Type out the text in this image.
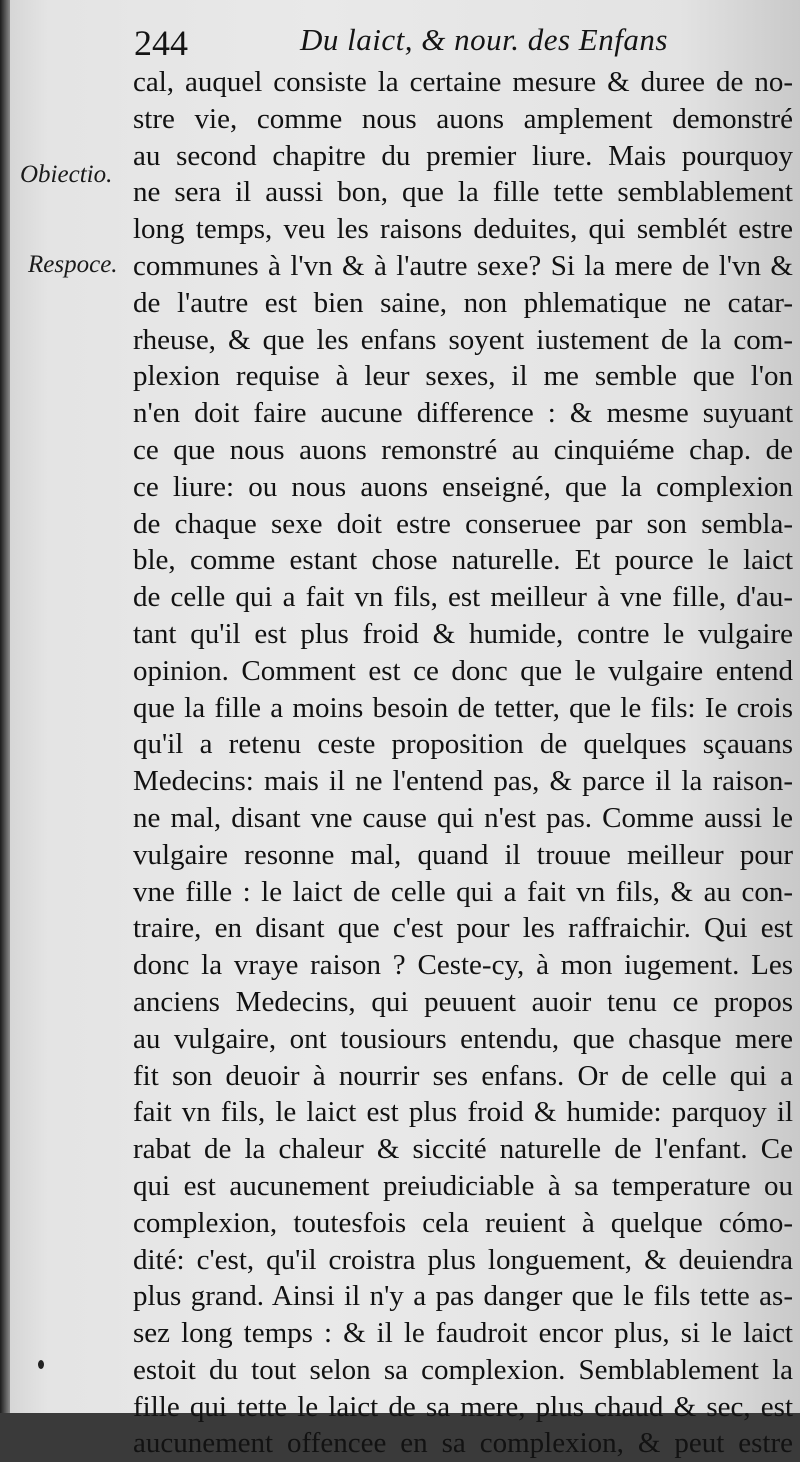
244	Du laict, & nour. des Enfans
Obiectio.
Respoce.
cal, auquel consiste la certaine mesure & duree de no-
stre vie, comme nous auons amplement demonstré
au second chapitre du premier liure. Mais pourquoy
ne sera il aussi bon, que la fille tette semblablement
long temps, veu les raisons deduites, qui semblét estre
communes à l'vn & à l'autre sexe? Si la mere de l'vn &
de l'autre est bien saine, non phlematique ne catar-
rheuse, & que les enfans soyent iustement de la com-
plexion requise à leur sexes, il me semble que l'on
n'en doit faire aucune difference : & mesme suyuant
ce que nous auons remonstré au cinquiéme chap. de
ce liure: ou nous auons enseigné, que la complexion
de chaque sexe doit estre conseruee par son sembla-
ble, comme estant chose naturelle. Et pource le laict
de celle qui a fait vn fils, est meilleur à vne fille, d'au-
tant qu'il est plus froid & humide, contre le vulgaire
opinion. Comment est ce donc que le vulgaire entend
que la fille a moins besoin de tetter, que le fils: Ie crois
qu'il a retenu ceste proposition de quelques sçauans
Medecins: mais il ne l'entend pas, & parce il la raison-
ne mal, disant vne cause qui n'est pas. Comme aussi le
vulgaire resonne mal, quand il trouue meilleur pour
vne fille : le laict de celle qui a fait vn fils, & au con-
traire, en disant que c'est pour les raffraichir. Qui est
donc la vraye raison ? Ceste-cy, à mon iugement. Les
anciens Medecins, qui peuuent auoir tenu ce propos
au vulgaire, ont tousiours entendu, que chasque mere
fit son deuoir à nourrir ses enfans. Or de celle qui a
fait vn fils, le laict est plus froid & humide: parquoy il
rabat de la chaleur & siccité naturelle de l'enfant. Ce
qui est aucunement preiudiciable à sa temperature ou
complexion, toutesfois cela reuient à quelque cómo-
dité: c'est, qu'il croistra plus longuement, & deuiendra
plus grand. Ainsi il n'y a pas danger que le fils tette as-
sez long temps : & il le faudroit encor plus, si le laict
estoit du tout selon sa complexion. Semblablement la
fille qui tette le laict de sa mere, plus chaud & sec, est
aucunement offencee en sa complexion, & peut estre
